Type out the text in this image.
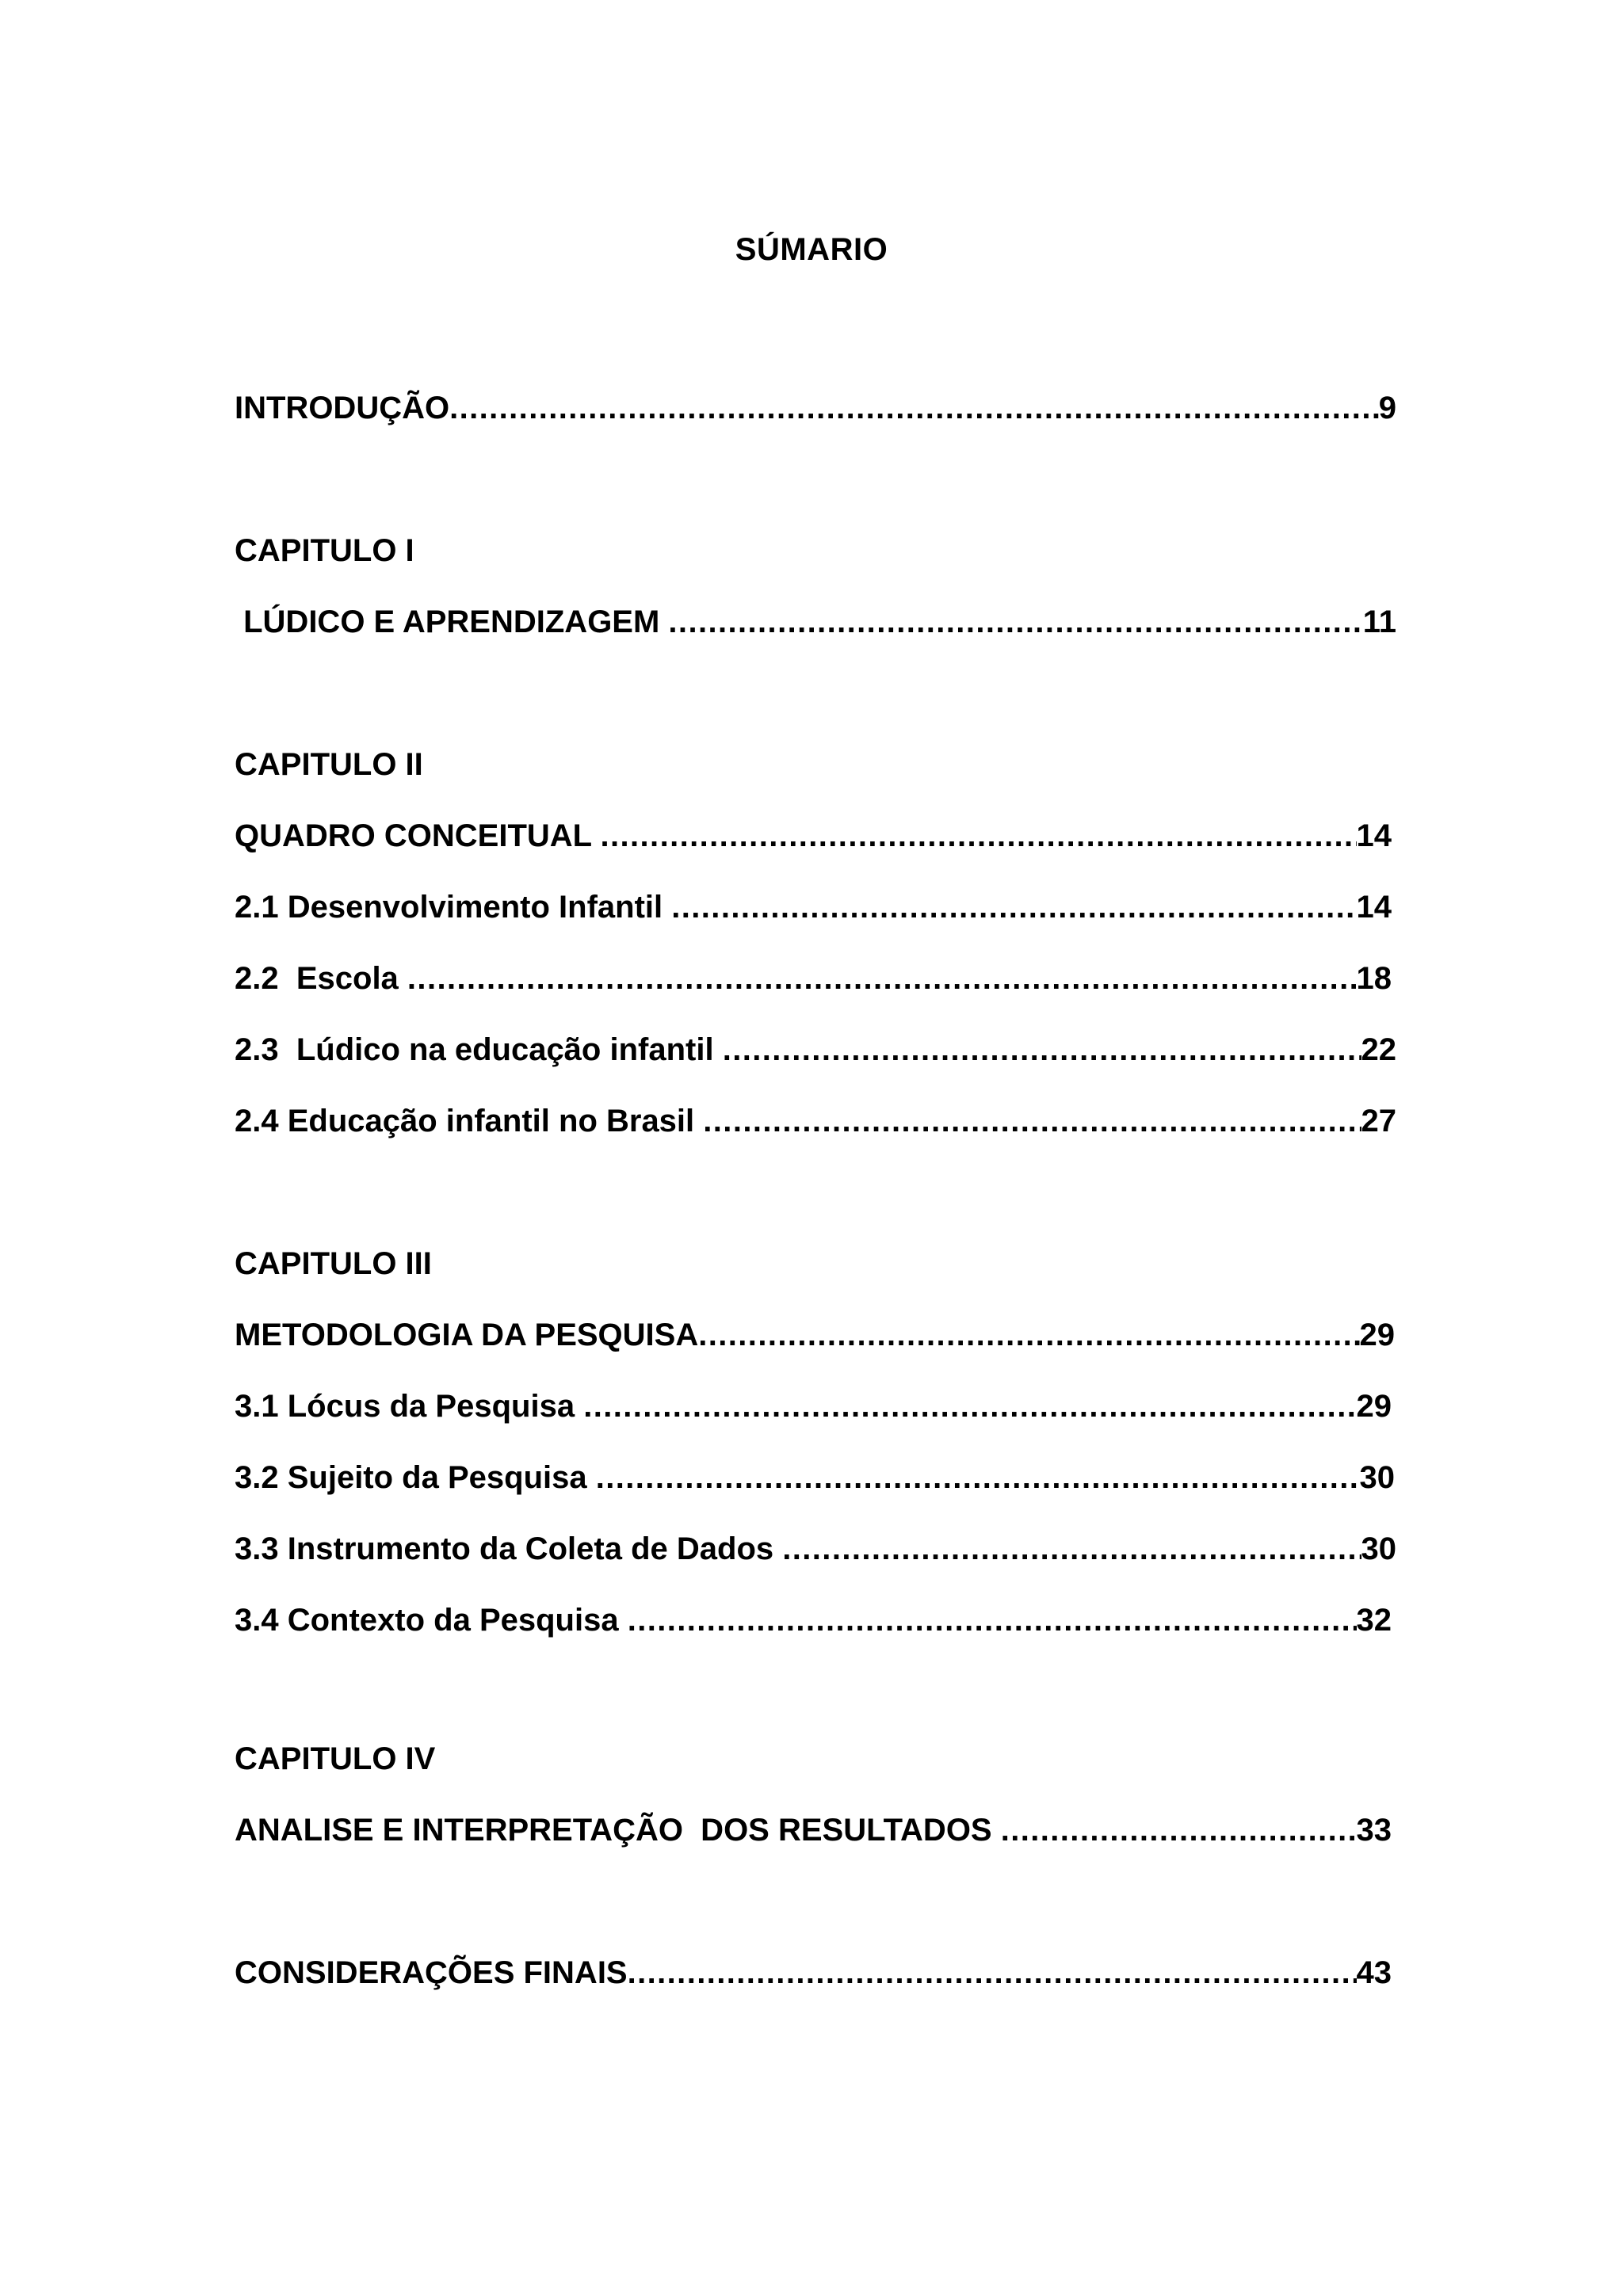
SÚMARIO
INTRODUÇÃO .....	9
CAPITULO I
LÚDICO E APRENDIZAGEM .....	11
CAPITULO II
QUADRO CONCEITUAL .....	14
2.1 Desenvolvimento Infantil .....	14
2.2  Escola .....	18
2.3  Lúdico na educação infantil .....	22
2.4 Educação infantil no Brasil .....	27
CAPITULO III
METODOLOGIA DA PESQUISA .....	29
3.1 Lócus da Pesquisa .....	29
3.2 Sujeito da Pesquisa .....	30
3.3 Instrumento da Coleta de Dados .....	30
3.4 Contexto da Pesquisa .....	32
CAPITULO IV
ANALISE E INTERPRETAÇÃO  DOS RESULTADOS .....	33
CONSIDERAÇÕES FINAIS .....	43
